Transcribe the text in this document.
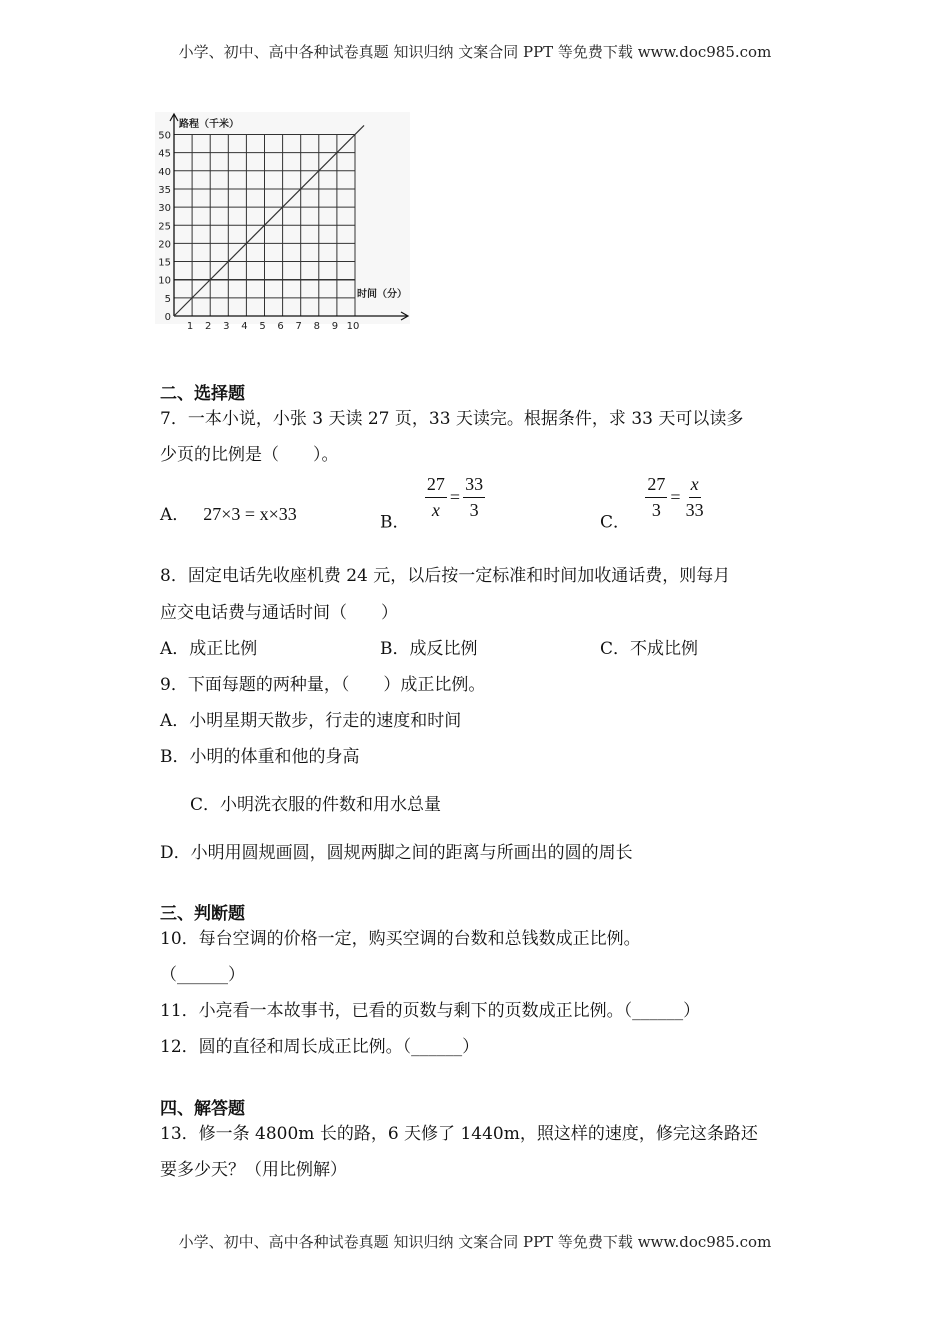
小学、初中、高中各种试卷真题 知识归纳 文案合同 PPT 等免费下载 www.doc985.com
0
5
10
15
20
25
30
35
40
45
50
1 2 3 4 5 6 7 8 9 10
路程（千米）
时间（分）
二、选择题
7．一本小说，小张 3 天读 27 页，33 天读完。根据条件，求 33 天可以读多
少页的比例是（　　）。
A． 27×3 = x×33	B．
$\frac{27}{x} = \frac{33}{3}$
C．
$\frac{27}{3} = \frac{x}{33}$
8．固定电话先收座机费 24 元，以后按一定标准和时间加收通话费，则每月
应交电话费与通话时间（　　）
A．成正比例	B．成反比例	C．不成比例
9．下面每题的两种量，（　　）成正比例。
A．小明星期天散步，行走的速度和时间
B．小明的体重和他的身高
C．小明洗衣服的件数和用水总量
D．小明用圆规画圆，圆规两脚之间的距离与所画出的圆的周长
三、判断题
10．每台空调的价格一定，购买空调的台数和总钱数成正比例。
（______）
11．小亮看一本故事书，已看的页数与剩下的页数成正比例。（______）
12．圆的直径和周长成正比例。（______）
四、解答题
13．修一条 4800m 长的路，6 天修了 1440m，照这样的速度，修完这条路还
要多少天？（用比例解）
小学、初中、高中各种试卷真题 知识归纳 文案合同 PPT 等免费下载 www.doc985.com
